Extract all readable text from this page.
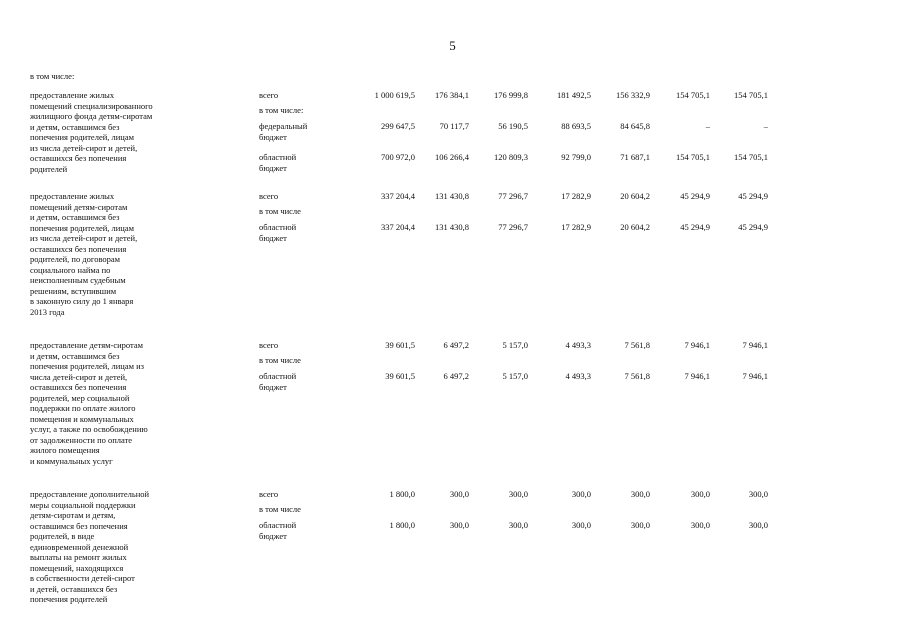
5
в том числе:
предоставление жилых
помещений специализированного
жилищного фонда детям-сиротам
и детям, оставшимся без
попечения родителей, лицам
из числа детей-сирот и детей,
оставшихся без попечения
родителей
всего	1 000 619,5	176 384,1	176 999,8	181 492,5	156 332,9	154 705,1	154 705,1
в том числе:
федеральный
бюджет
299 647,5	70 117,7	56 190,5	88 693,5	84 645,8	–	–
областной
бюджет
700 972,0	106 266,4	120 809,3	92 799,0	71 687,1	154 705,1	154 705,1
предоставление жилых
помещений детям-сиротам
и детям, оставшимся без
попечения родителей, лицам
из числа детей-сирот и детей,
оставшихся без попечения
родителей, по договорам
социального найма по
неисполненным судебным
решениям, вступившим
в законную силу до 1 января
2013 года
всего	337 204,4	131 430,8	77 296,7	17 282,9	20 604,2	45 294,9	45 294,9
в том числе
областной
бюджет
337 204,4	131 430,8	77 296,7	17 282,9	20 604,2	45 294,9	45 294,9
предоставление детям-сиротам
и детям, оставшимся без
попечения родителей, лицам из
числа детей-сирот и детей,
оставшихся без попечения
родителей, мер социальной
поддержки по оплате жилого
помещения и коммунальных
услуг, а также по освобождению
от задолженности по оплате
жилого помещения
и коммунальных услуг
всего	39 601,5	6 497,2	5 157,0	4 493,3	7 561,8	7 946,1	7 946,1
в том числе
областной
бюджет
39 601,5	6 497,2	5 157,0	4 493,3	7 561,8	7 946,1	7 946,1
предоставление дополнительной
меры социальной поддержки
детям-сиротам и детям,
оставшимся без попечения
родителей, в виде
единовременной денежной
выплаты на ремонт жилых
помещений, находящихся
в собственности детей-сирот
и детей, оставшихся без
попечения родителей
всего	1 800,0	300,0	300,0	300,0	300,0	300,0	300,0
в том числе
областной
бюджет
1 800,0	300,0	300,0	300,0	300,0	300,0	300,0
